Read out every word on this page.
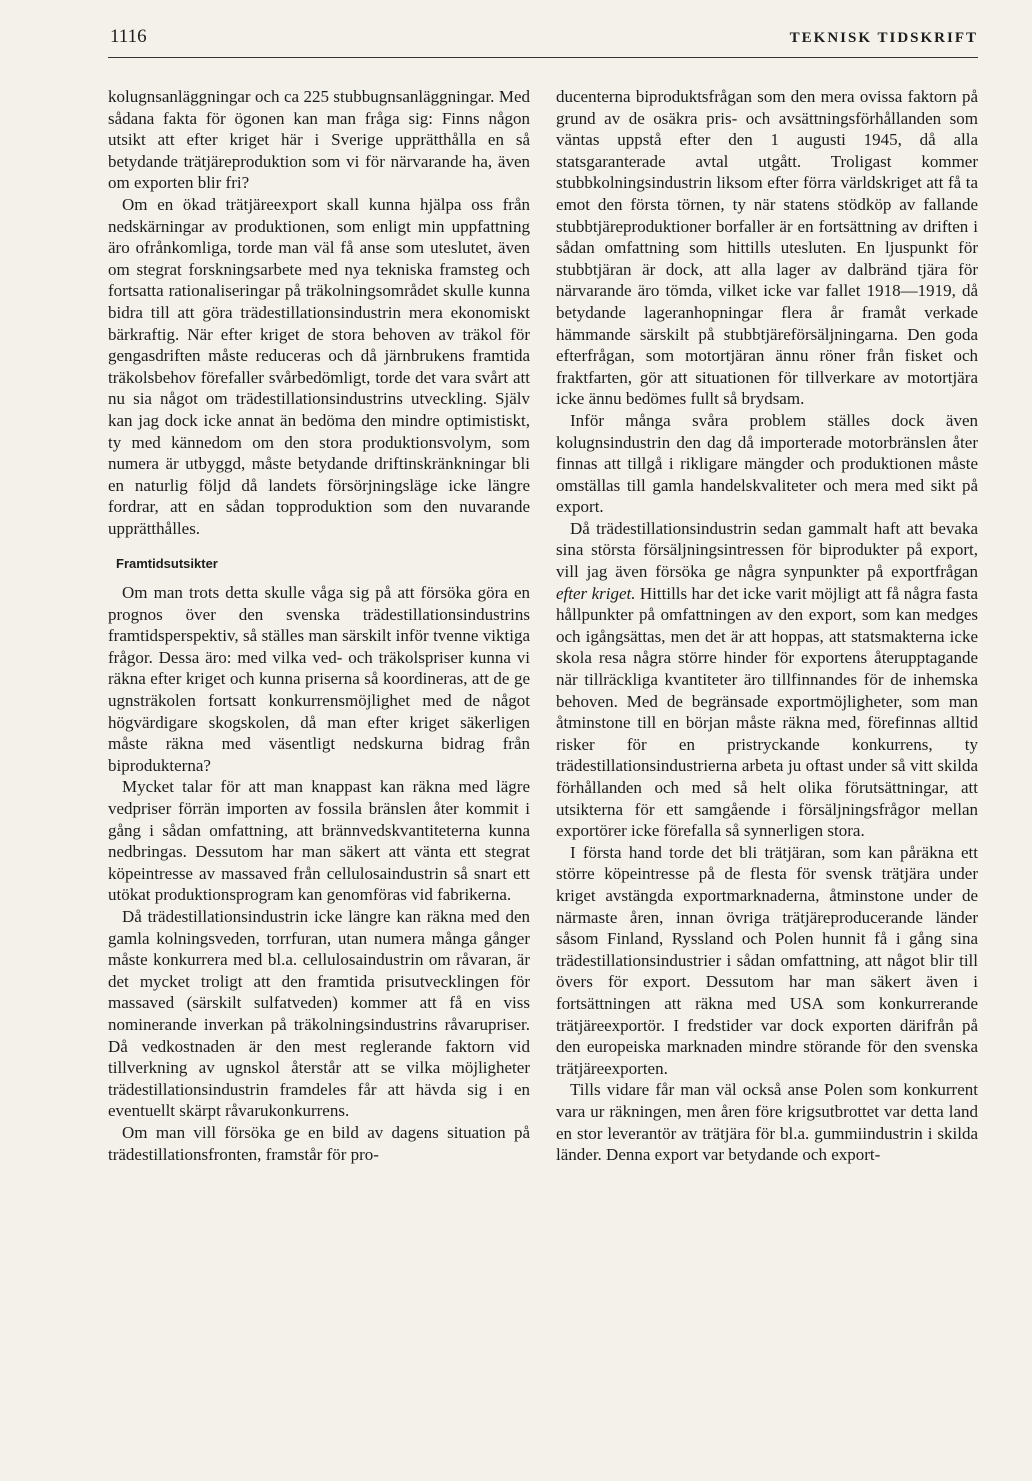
1116	TEKNISK TIDSKRIFT

kolugnsanläggningar och ca 225 stubbugnsanläggningar. Med sådana fakta för ögonen kan man fråga sig: Finns någon utsikt att efter kriget här i Sverige upprätthålla en så betydande trätjäreproduktion som vi för närvarande ha, även om exporten blir fri?

Om en ökad trätjäreexport skall kunna hjälpa oss från nedskärningar av produktionen, som enligt min uppfattning äro ofrånkomliga, torde man väl få anse som uteslutet, även om stegrat forskningsarbete med nya tekniska framsteg och fortsatta rationaliseringar på träkolningsområdet skulle kunna bidra till att göra trädestillationsindustrin mera ekonomiskt bärkraftig. När efter kriget de stora behoven av träkol för gengasdriften måste reduceras och då järnbrukens framtida träkolsbehov förefaller svårbedömligt, torde det vara svårt att nu sia något om trädestillationsindustrins utveckling. Själv kan jag dock icke annat än bedöma den mindre optimistiskt, ty med kännedom om den stora produktionsvolym, som numera är utbyggd, måste betydande driftinskränkningar bli en naturlig följd då landets försörjningsläge icke längre fordrar, att en sådan topproduktion som den nuvarande upprätthålles.

Framtidsutsikter

Om man trots detta skulle våga sig på att försöka göra en prognos över den svenska trädestillationsindustrins framtidsperspektiv, så ställes man särskilt inför tvenne viktiga frågor. Dessa äro: med vilka ved- och träkolspriser kunna vi räkna efter kriget och kunna priserna så koordineras, att de ge ugnsträkolen fortsatt konkurrensmöjlighet med de något högvärdigare skogskolen, då man efter kriget säkerligen måste räkna med väsentligt nedskurna bidrag från biprodukterna?

Mycket talar för att man knappast kan räkna med lägre vedpriser förrän importen av fossila bränslen åter kommit i gång i sådan omfattning, att brännvedskvantiteterna kunna nedbringas. Dessutom har man säkert att vänta ett stegrat köpeintresse av massaved från cellulosaindustrin så snart ett utökat produktionsprogram kan genomföras vid fabrikerna.

Då trädestillationsindustrin icke längre kan räkna med den gamla kolningsveden, torrfuran, utan numera många gånger måste konkurrera med bl.a. cellulosaindustrin om råvaran, är det mycket troligt att den framtida prisutvecklingen för massaved (särskilt sulfatveden) kommer att få en viss nominerande inverkan på träkolningsindustrins råvarupriser. Då vedkostnaden är den mest reglerande faktorn vid tillverkning av ugnskol återstår att se vilka möjligheter trädestillationsindustrin framdeles får att hävda sig i en eventuellt skärpt råvarukonkurrens.

Om man vill försöka ge en bild av dagens situation på trädestillationsfronten, framstår för pro-

ducenterna biproduktsfrågan som den mera ovissa faktorn på grund av de osäkra pris- och avsättningsförhållanden som väntas uppstå efter den 1 augusti 1945, då alla statsgaranterade avtal utgått. Troligast kommer stubbkolningsindustrin liksom efter förra världskriget att få ta emot den första törnen, ty när statens stödköp av fallande stubbtjäreproduktioner borfaller är en fortsättning av driften i sådan omfattning som hittills utesluten. En ljuspunkt för stubbtjäran är dock, att alla lager av dalbränd tjära för närvarande äro tömda, vilket icke var fallet 1918—1919, då betydande lageranhopningar flera år framåt verkade hämmande särskilt på stubbtjäreförsäljningarna. Den goda efterfrågan, som motortjäran ännu röner från fisket och fraktfarten, gör att situationen för tillverkare av motortjära icke ännu bedömes fullt så brydsam.

Inför många svåra problem ställes dock även kolugnsindustrin den dag då importerade motorbränslen åter finnas att tillgå i rikligare mängder och produktionen måste omställas till gamla handelskvaliteter och mera med sikt på export.

Då trädestillationsindustrin sedan gammalt haft att bevaka sina största försäljningsintressen för biprodukter på export, vill jag även försöka ge några synpunkter på exportfrågan efter kriget. Hittills har det icke varit möjligt att få några fasta hållpunkter på omfattningen av den export, som kan medges och igångsättas, men det är att hoppas, att statsmakterna icke skola resa några större hinder för exportens återupptagande när tillräckliga kvantiteter äro tillfinnandes för de inhemska behoven. Med de begränsade exportmöjligheter, som man åtminstone till en början måste räkna med, förefinnas alltid risker för en pristryckande konkurrens, ty trädestillationsindustrierna arbeta ju oftast under så vitt skilda förhållanden och med så helt olika förutsättningar, att utsikterna för ett samgående i försäljningsfrågor mellan exportörer icke förefalla så synnerligen stora.

I första hand torde det bli trätjäran, som kan påräkna ett större köpeintresse på de flesta för svensk trätjära under kriget avstängda exportmarknaderna, åtminstone under de närmaste åren, innan övriga trätjäreproducerande länder såsom Finland, Ryssland och Polen hunnit få i gång sina trädestillationsindustrier i sådan omfattning, att något blir till övers för export. Dessutom har man säkert även i fortsättningen att räkna med USA som konkurrerande trätjäreexportör. I fredstider var dock exporten därifrån på den europeiska marknaden mindre störande för den svenska trätjäreexporten.

Tills vidare får man väl också anse Polen som konkurrent vara ur räkningen, men åren före krigsutbrottet var detta land en stor leverantör av trätjära för bl.a. gummiindustrin i skilda länder. Denna export var betydande och export-
